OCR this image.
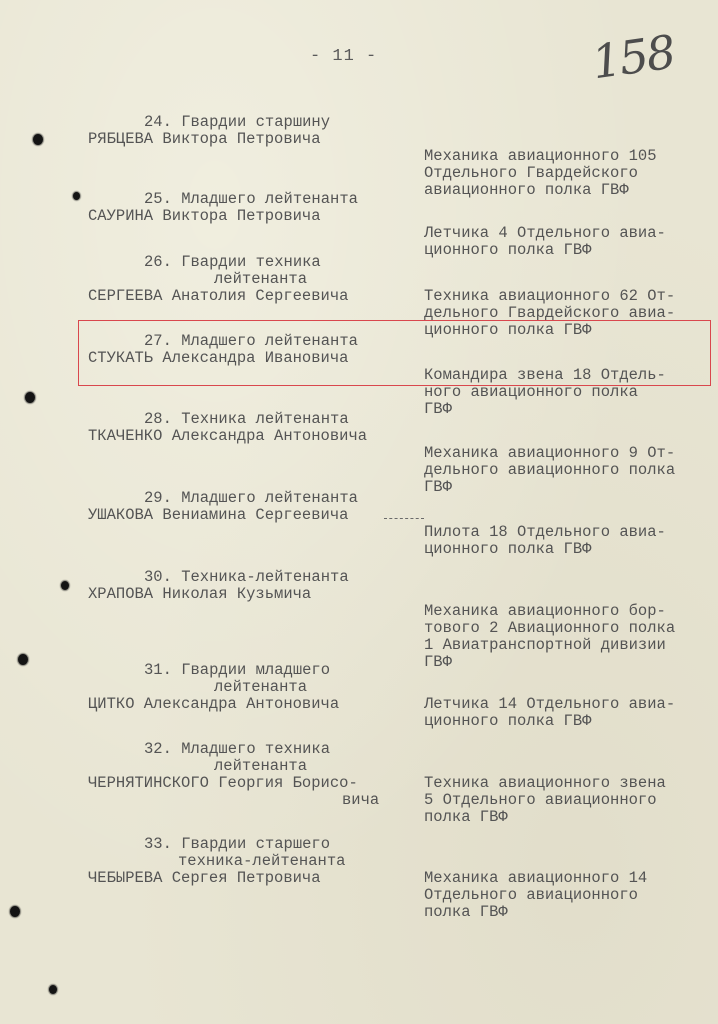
- 11 -	158
24. Гвардии старшину
РЯБЦЕВА Виктора Петровича

Механика авиационного 105
Отдельного Гвардейского
авиационного полка ГВФ

25. Младшего лейтенанта
САУРИНА Виктора Петровича

Летчика 4 Отдельного авиа-
ционного полка ГВФ

26. Гвардии техника
лейтенанта
СЕРГЕЕВА Анатолия Сергеевича

	Техника авиационного 62 От-
дельного Гвардейского авиа-
ционного полка ГВФ

27. Младшего лейтенанта
СТУКАТЬ Александра Ивановича

Командира звена 18 Отдель-
ного авиационного полка
ГВФ

28. Техника лейтенанта
ТКАЧЕНКО Александра Антоновича

Механика авиационного 9 От-
дельного авиационного полка
ГВФ

29. Младшего лейтенанта
УШАКОВА Вениамина Сергеевича

Пилота 18 Отдельного авиа-
ционного полка ГВФ

30. Техника-лейтенанта
ХРАПОВА Николая Кузьмича

Механика авиационного бор-
тового 2 Авиационного полка
1 Авиатранспортной дивизии
ГВФ

31. Гвардии младшего
лейтенанта
ЦИТКО Александра Антоновича

	Летчика 14 Отдельного авиа-
ционного полка ГВФ

32. Младшего техника
лейтенанта
ЧЕРНЯТИНСКОГО Георгия Борисо-
вича

Техника авиационного звена
5 Отдельного авиационного
полка ГВФ

33. Гвардии старшего
техника-лейтенанта
ЧЕБЫРЕВА Сергея Петровича

	Механика авиационного 14
Отдельного авиационного
полка ГВФ
